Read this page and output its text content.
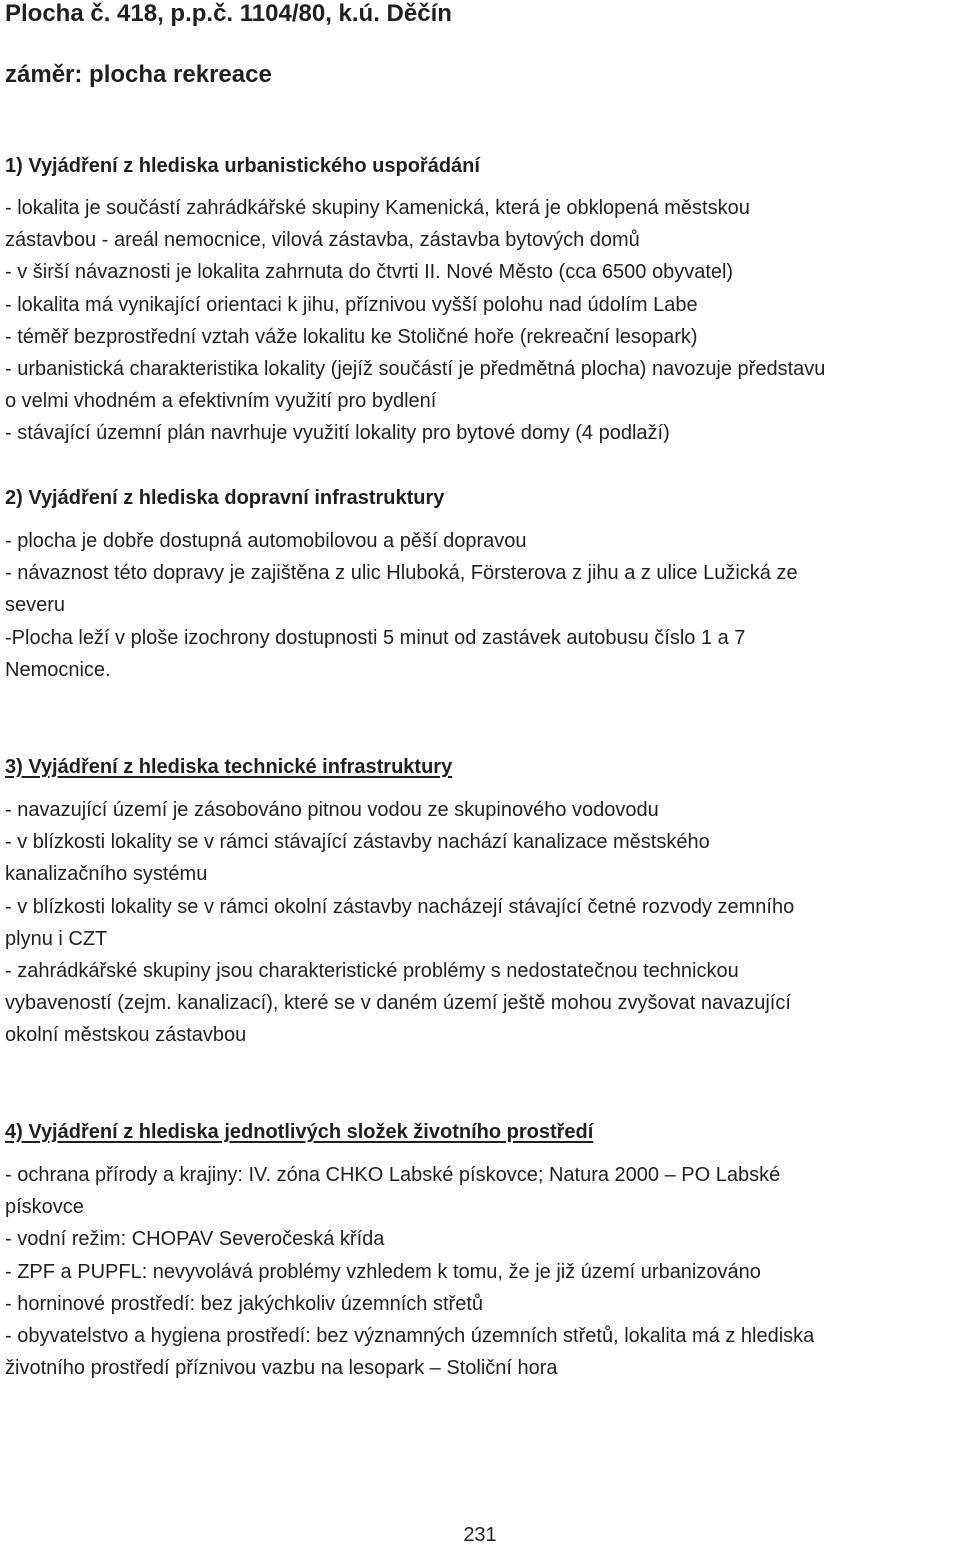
Plocha č. 418, p.p.č. 1104/80, k.ú. Děčín
záměr: plocha rekreace
1) Vyjádření z hlediska urbanistického uspořádání
- lokalita je součástí zahrádkářské skupiny Kamenická, která je obklopená městskou
zástavbou - areál nemocnice, vilová zástavba, zástavba bytových domů
- v širší návaznosti je lokalita zahrnuta do čtvrti II. Nové Město (cca 6500 obyvatel)
- lokalita má vynikající orientaci k jihu, příznivou vyšší polohu nad údolím Labe
- téměř bezprostřední vztah váže lokalitu ke Stoličné hoře (rekreační lesopark)
- urbanistická charakteristika lokality (jejíž součástí je předmětná plocha) navozuje představu
o velmi vhodném a efektivním využití pro bydlení
- stávající územní plán navrhuje využití lokality pro bytové domy (4 podlaží)
2) Vyjádření z hlediska dopravní infrastruktury
- plocha je dobře dostupná automobilovou a pěší dopravou
- návaznost této dopravy je zajištěna z ulic Hluboká, Försterova z jihu a z ulice Lužická ze
severu
-Plocha leží v ploše izochrony dostupnosti 5 minut od zastávek autobusu číslo 1 a 7
Nemocnice.
3) Vyjádření z hlediska technické infrastruktury
- navazující území je zásobováno pitnou vodou ze skupinového vodovodu
- v blízkosti lokality se v rámci stávající zástavby nachází kanalizace městského
kanalizačního systému
- v blízkosti lokality se v rámci okolní zástavby nacházejí stávající četné rozvody zemního
plynu i CZT
- zahrádkářské skupiny jsou charakteristické problémy s nedostatečnou technickou
vybaveností (zejm. kanalizací), které se v daném území ještě mohou zvyšovat navazující
okolní městskou zástavbou
4) Vyjádření z hlediska jednotlivých složek životního prostředí
- ochrana přírody a krajiny: IV. zóna CHKO Labské pískovce; Natura 2000 – PO Labské
pískovce
- vodní režim: CHOPAV Severočeská křída
- ZPF a PUPFL: nevyvolává problémy vzhledem k tomu, že je již území urbanizováno
- horninové prostředí: bez jakýchkoliv územních střetů
- obyvatelstvo a hygiena prostředí: bez významných územních střetů, lokalita má z hlediska
životního prostředí příznivou vazbu na lesopark – Stoliční hora
231
